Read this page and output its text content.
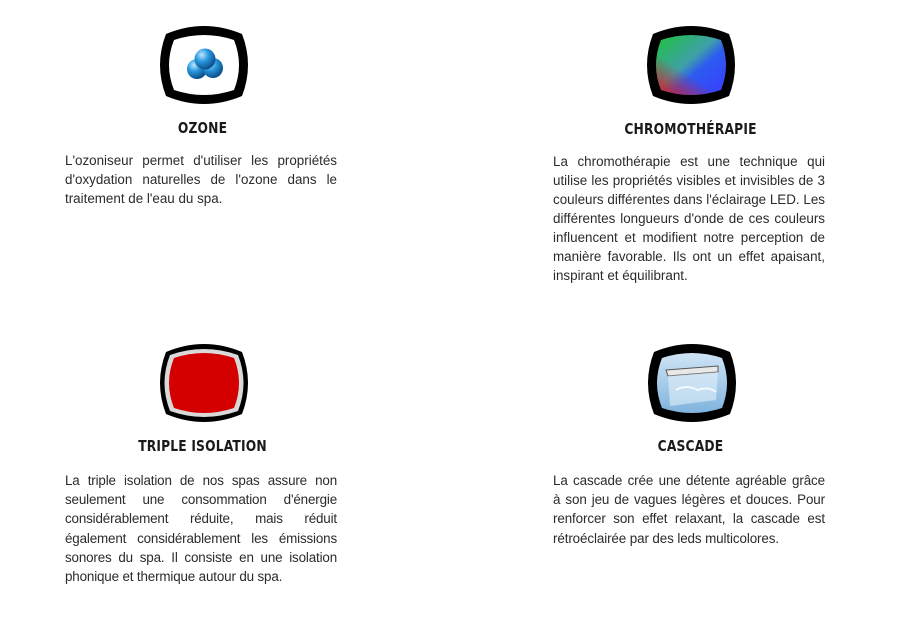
OZONE

L'ozoniseur permet d'utiliser les propriétés d'oxydation naturelles de l'ozone dans le traitement de l'eau du spa.

CHROMOTHÉRAPIE

La chromothérapie est une technique qui utilise les propriétés visibles et invisibles de 3 couleurs différentes dans l'éclairage LED. Les différentes longueurs d'onde de ces couleurs influencent et modifient notre perception de manière favorable. Ils ont un effet apaisant, inspirant et équilibrant.

TRIPLE ISOLATION

La triple isolation de nos spas assure non seulement une consommation d'énergie considérablement réduite, mais réduit également considérablement les émissions sonores du spa. Il consiste en une isolation phonique et thermique autour du spa.

CASCADE

La cascade crée une détente agréable grâce à son jeu de vagues légères et douces. Pour renforcer son effet relaxant, la cascade est rétroéclairée par des leds multicolores.
